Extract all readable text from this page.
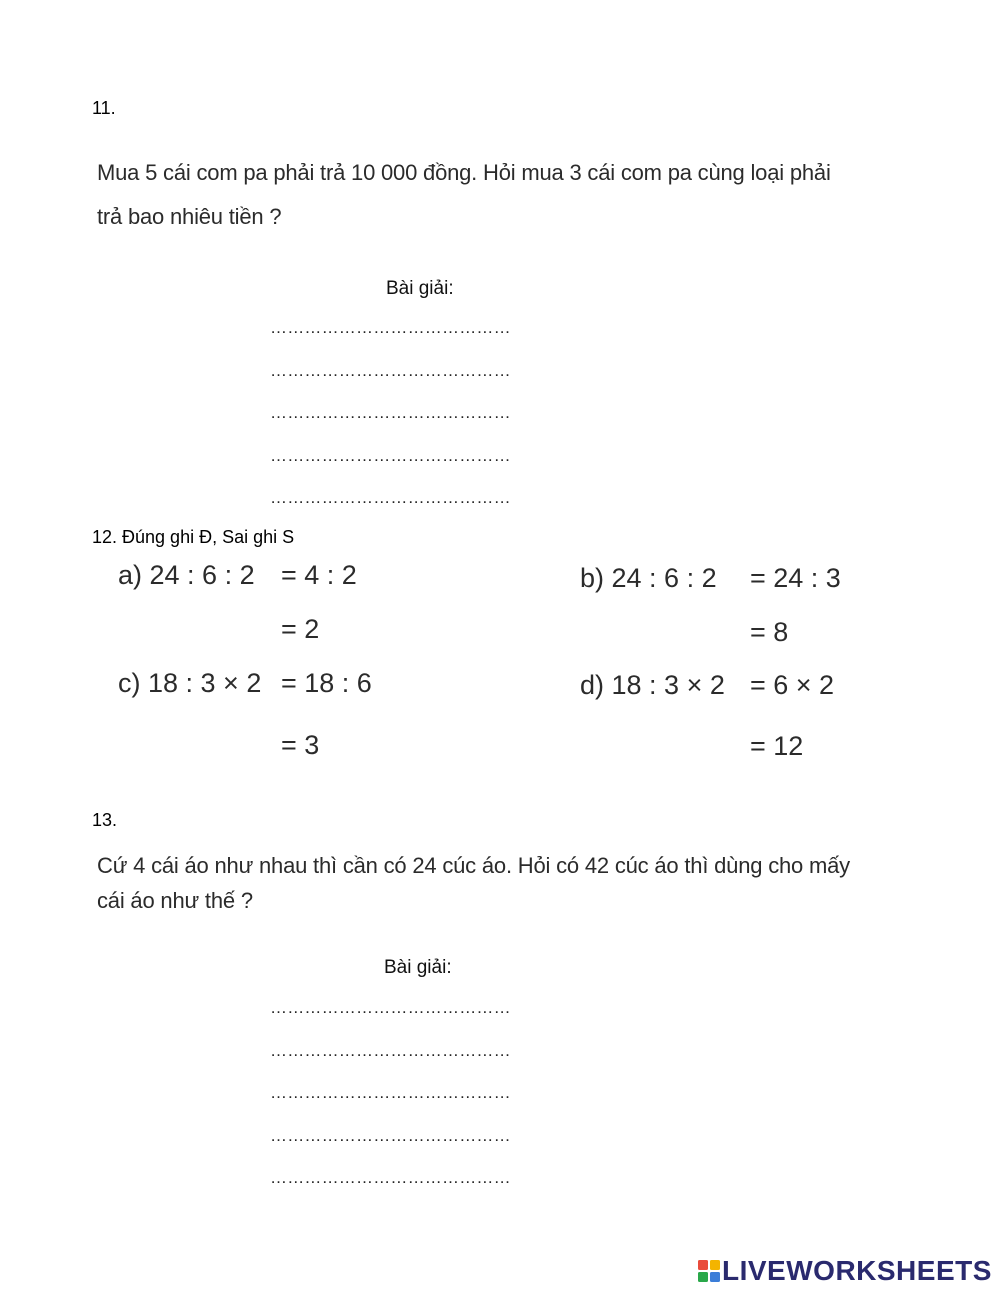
11.
Mua 5 cái com pa phải trả 10 000 đồng. Hỏi mua 3 cái com pa cùng loại phải
trả bao nhiêu tiền ?
Bài giải:
……………………………………
……………………………………
……………………………………
……………………………………
……………………………………
12. Đúng ghi Đ, Sai ghi S
a) 24 : 6 : 2 = 4 : 2
= 2
b) 24 : 6 : 2 = 24 : 3
= 8
c) 18 : 3 × 2 = 18 : 6
= 3
d) 18 : 3 × 2 = 6 × 2
= 12
13.
Cứ 4 cái áo như nhau thì cần có 24 cúc áo. Hỏi có 42 cúc áo thì dùng cho mấy
cái áo như thế ?
Bài giải:
……………………………………
……………………………………
……………………………………
……………………………………
……………………………………
LIVEWORKSHEETS
